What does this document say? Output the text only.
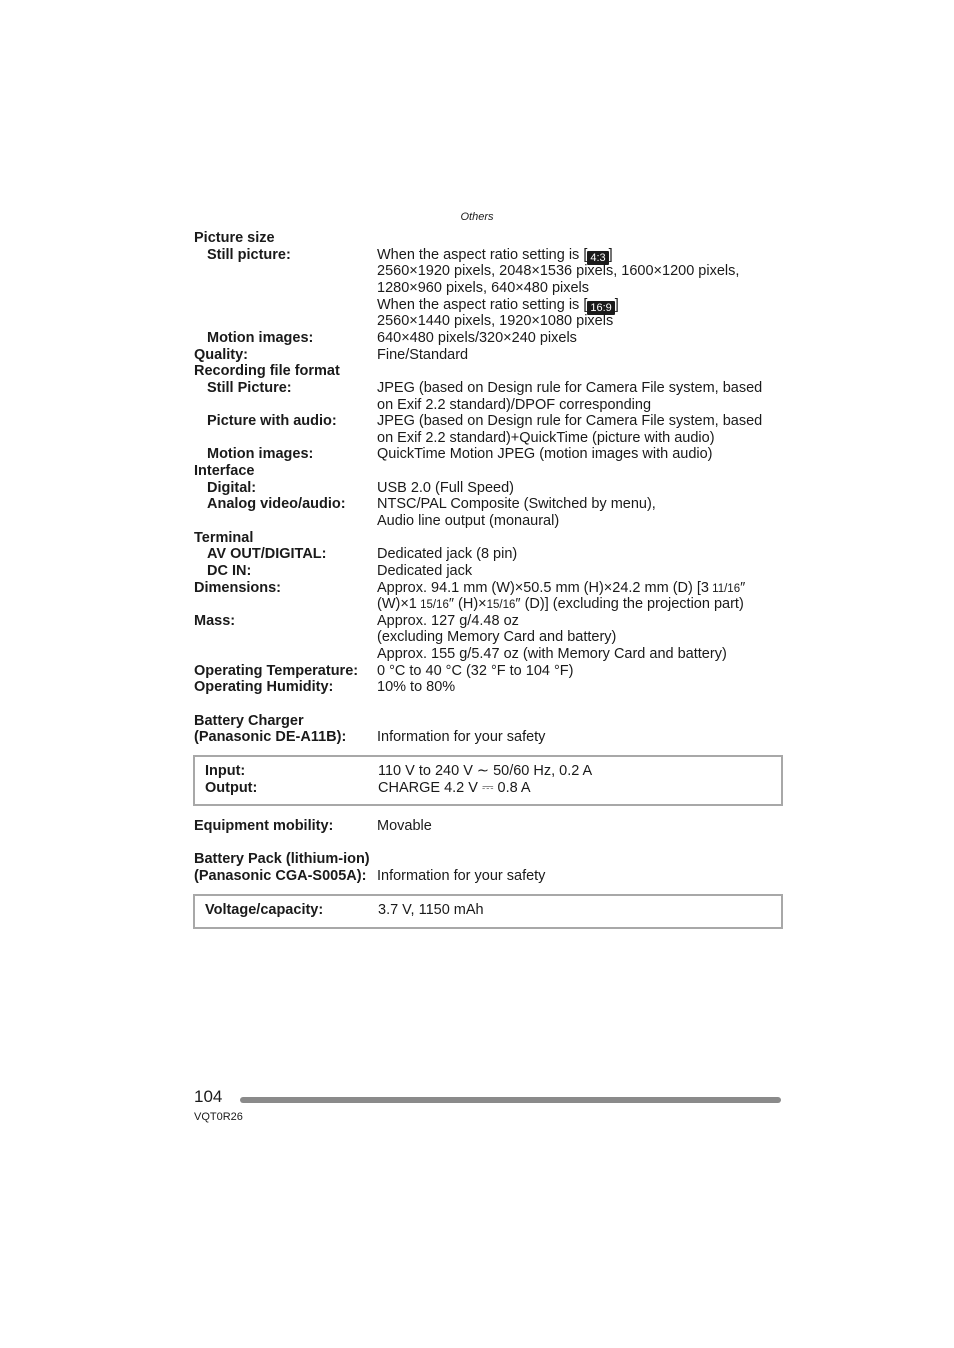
Others
Picture size
Still picture:	When the aspect ratio setting is [ 4:3 ]
2560×1920 pixels, 2048×1536 pixels, 1600×1200 pixels,
1280×960 pixels, 640×480 pixels
When the aspect ratio setting is [ 16:9 ]
2560×1440 pixels, 1920×1080 pixels
Motion images:	640×480 pixels/320×240 pixels
Quality:	Fine/Standard
Recording file format
Still Picture:	JPEG (based on Design rule for Camera File system, based
on Exif 2.2 standard)/DPOF corresponding
Picture with audio:	JPEG (based on Design rule for Camera File system, based
on Exif 2.2 standard)+QuickTime (picture with audio)
Motion images:	QuickTime Motion JPEG (motion images with audio)
Interface
Digital:	USB 2.0 (Full Speed)
Analog video/audio: NTSC/PAL Composite (Switched by menu),
Audio line output (monaural)
Terminal
AV OUT/DIGITAL:	Dedicated jack (8 pin)
DC IN:	Dedicated jack
Dimensions:	Approx. 94.1 mm (W)×50.5 mm (H)×24.2 mm (D) [3 11/16″
(W)×1 15/16″ (H)×15/16″ (D)] (excluding the projection part)
Mass:	Approx. 127 g/4.48 oz
(excluding Memory Card and battery)
Approx. 155 g/5.47 oz (with Memory Card and battery)
Operating Temperature: 0 °C to 40 °C (32 °F to 104 °F)
Operating Humidity:	10% to 80%
Battery Charger
(Panasonic DE-A11B): Information for your safety
Input:	110 V to 240 V ∼ 50/60 Hz, 0.2 A
Output:	CHARGE 4.2 V ⎓ 0.8 A
Equipment mobility:	Movable
Battery Pack (lithium-ion)
(Panasonic CGA-S005A): Information for your safety
Voltage/capacity:	3.7 V, 1150 mAh
104
VQT0R26
